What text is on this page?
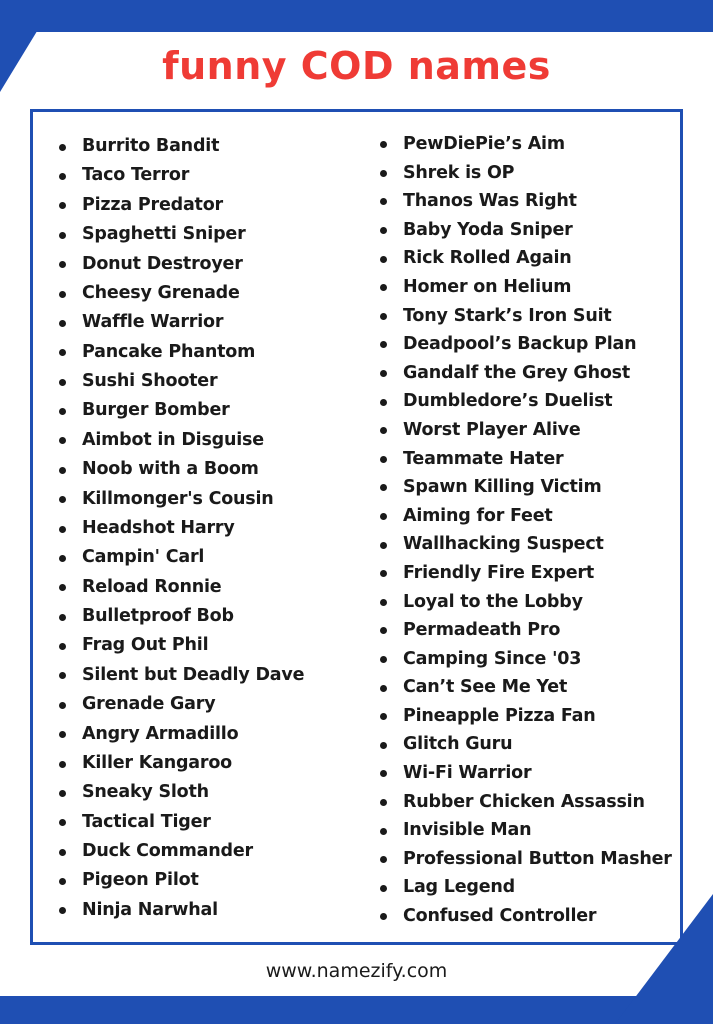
funny COD names
Burrito Bandit
Taco Terror
Pizza Predator
Spaghetti Sniper
Donut Destroyer
Cheesy Grenade
Waffle Warrior
Pancake Phantom
Sushi Shooter
Burger Bomber
Aimbot in Disguise
Noob with a Boom
Killmonger's Cousin
Headshot Harry
Campin' Carl
Reload Ronnie
Bulletproof Bob
Frag Out Phil
Silent but Deadly Dave
Grenade Gary
Angry Armadillo
Killer Kangaroo
Sneaky Sloth
Tactical Tiger
Duck Commander
Pigeon Pilot
Ninja Narwhal
PewDiePie’s Aim
Shrek is OP
Thanos Was Right
Baby Yoda Sniper
Rick Rolled Again
Homer on Helium
Tony Stark’s Iron Suit
Deadpool’s Backup Plan
Gandalf the Grey Ghost
Dumbledore’s Duelist
Worst Player Alive
Teammate Hater
Spawn Killing Victim
Aiming for Feet
Wallhacking Suspect
Friendly Fire Expert
Loyal to the Lobby
Permadeath Pro
Camping Since '03
Can’t See Me Yet
Pineapple Pizza Fan
Glitch Guru
Wi-Fi Warrior
Rubber Chicken Assassin
Invisible Man
Professional Button Masher
Lag Legend
Confused Controller
www.namezify.com
